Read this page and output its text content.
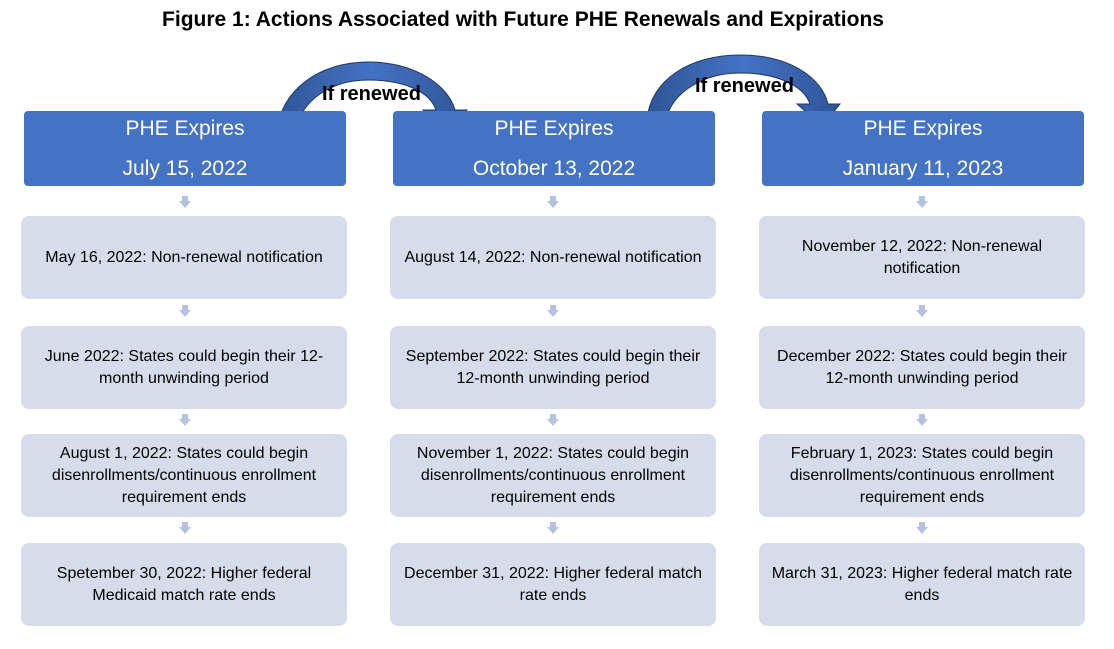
Figure 1: Actions Associated with Future PHE Renewals and Expirations
If renewed	If renewed
PHE Expires
July 15, 2022
May 16, 2022: Non-renewal notification
June 2022: States could begin their 12-month unwinding period
August 1, 2022: States could begin disenrollments/continuous enrollment requirement ends
Spetember 30, 2022: Higher federal Medicaid match rate ends
PHE Expires
October 13, 2022
August 14, 2022: Non-renewal notification
September 2022: States could begin their 12-month unwinding period
November 1, 2022: States could begin disenrollments/continuous enrollment requirement ends
December 31, 2022: Higher federal match rate ends
PHE Expires
January 11, 2023
November 12, 2022: Non-renewal notification
December 2022: States could begin their 12-month unwinding period
February 1, 2023: States could begin disenrollments/continuous enrollment requirement ends
March 31, 2023: Higher federal match rate ends
